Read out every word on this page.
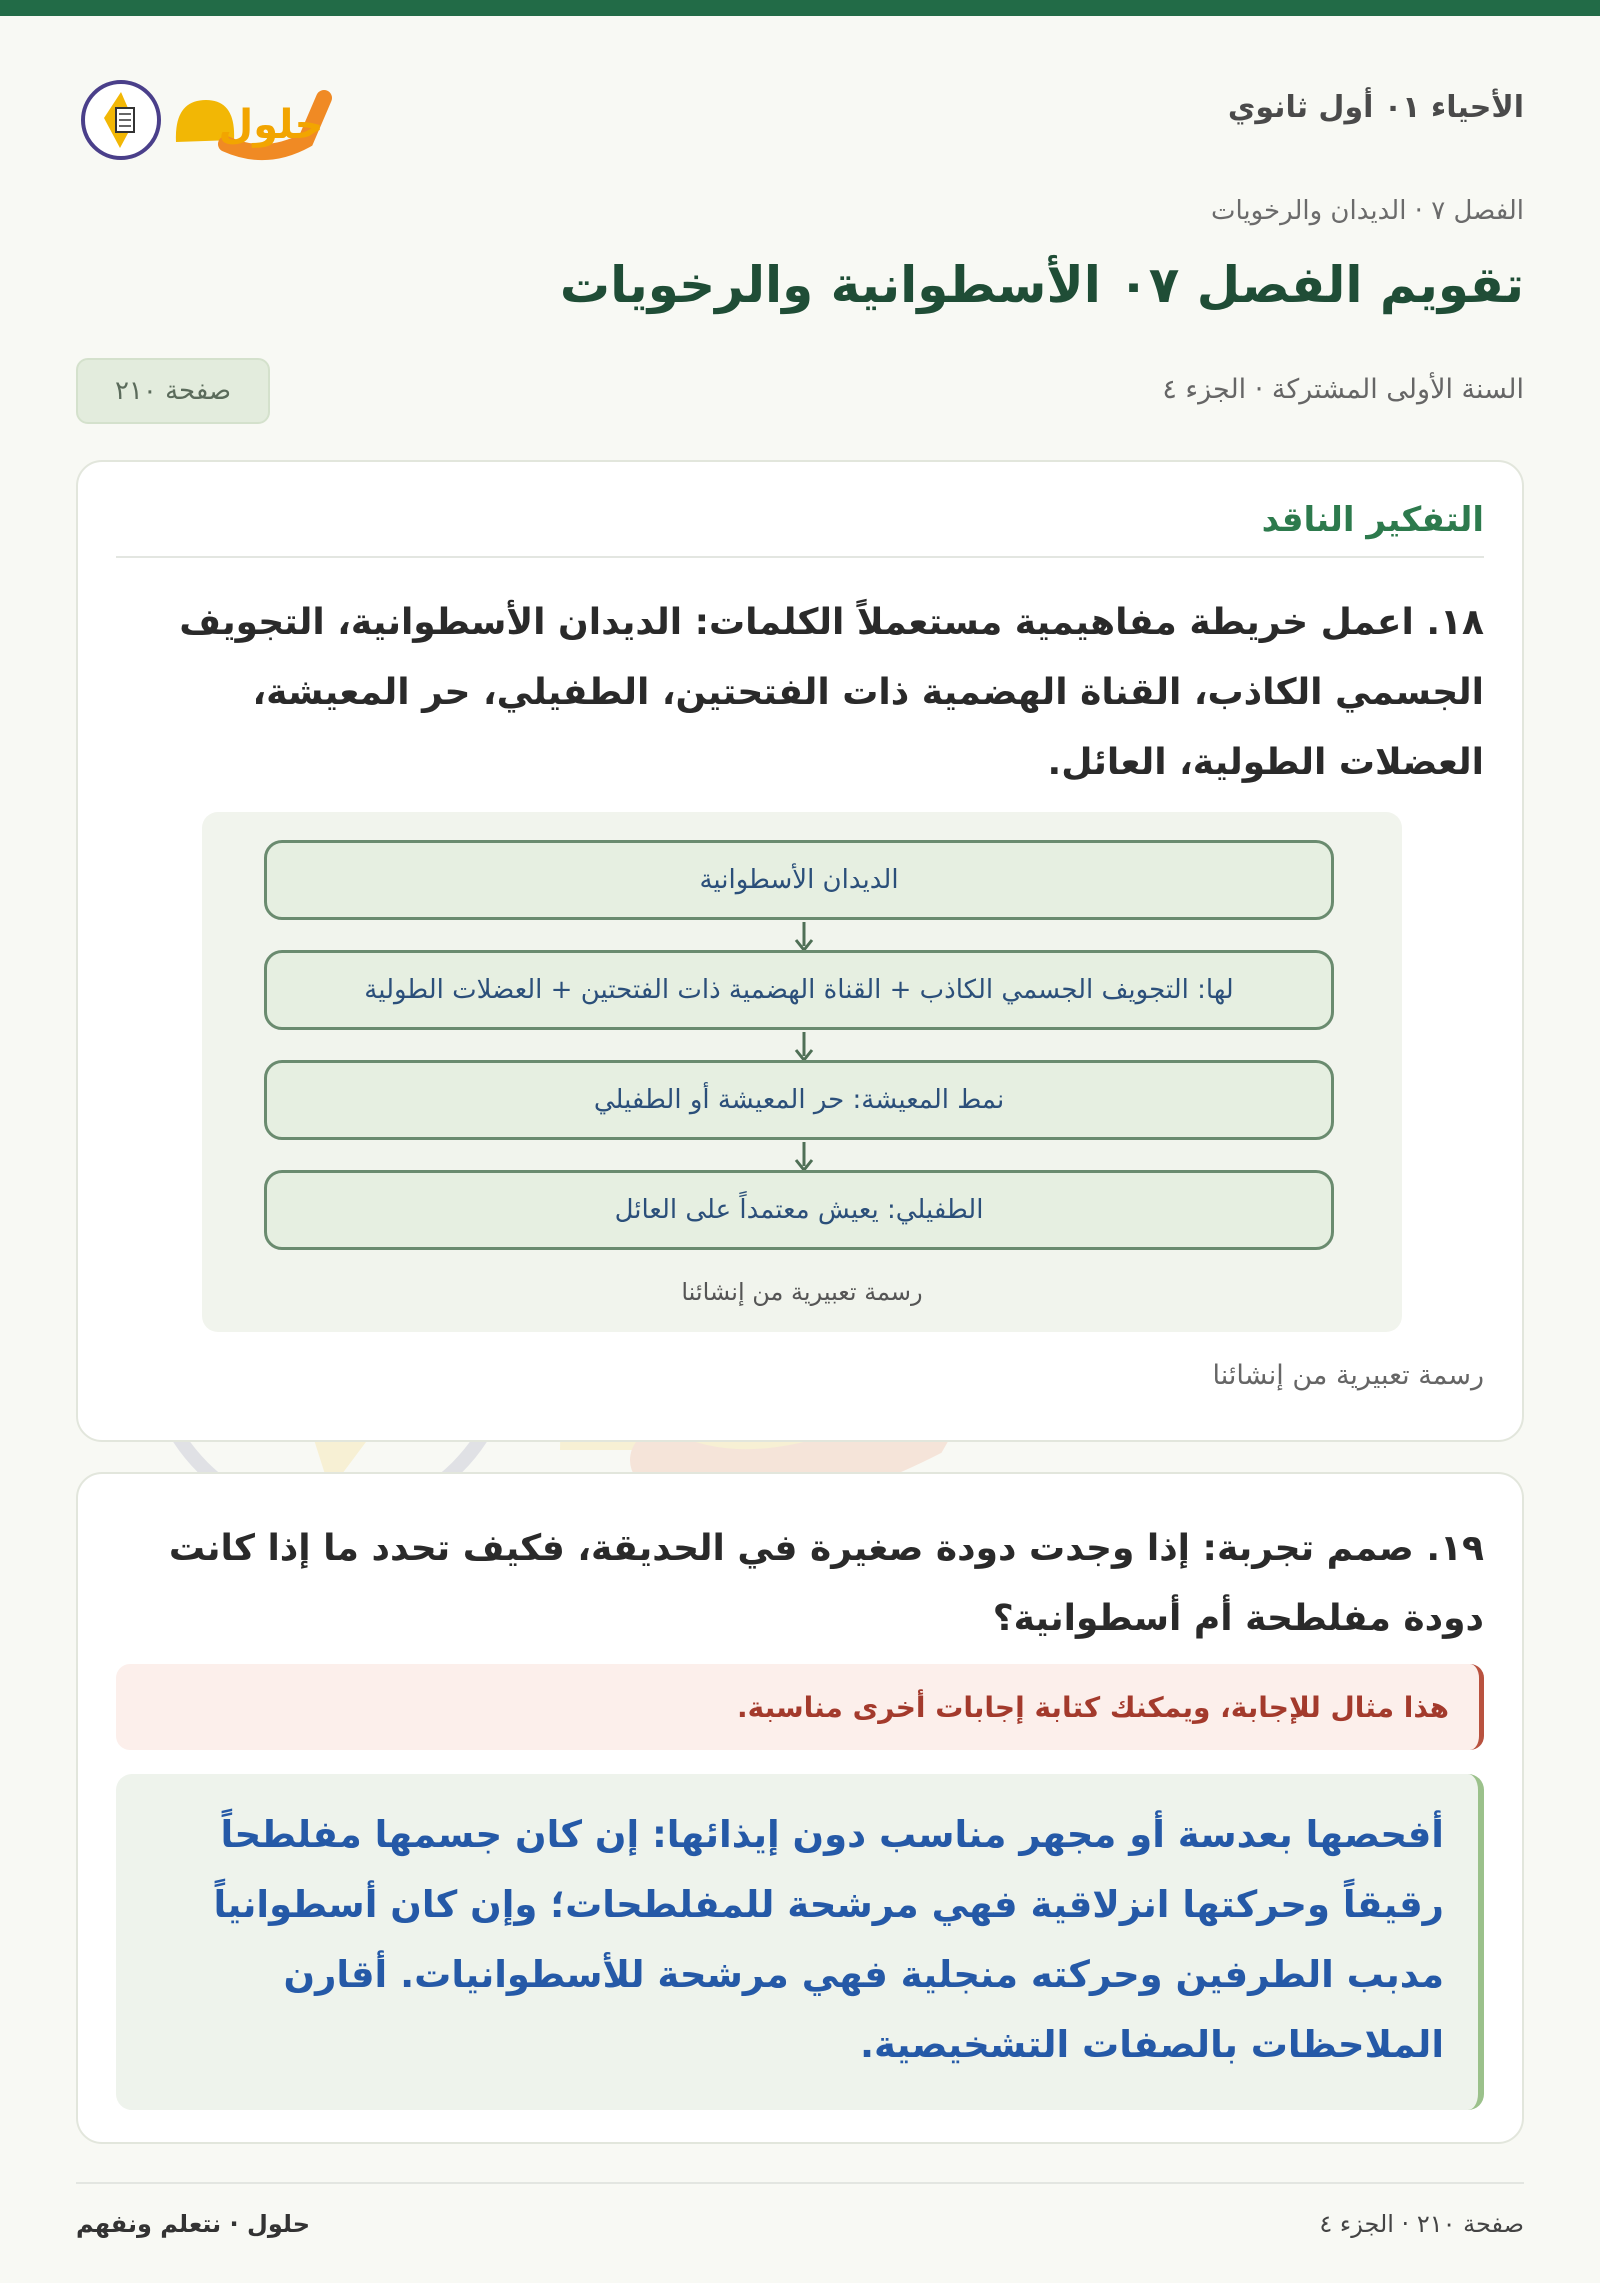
حلول	الأحياء ٠١ أول ثانوي
الفصل ٧ · الديدان والرخويات
تقويم الفصل ٠٧ الأسطوانية والرخويات
السنة الأولى المشتركة · الجزء ٤
صفحة ٢١٠
التفكير الناقد
١٨. اعمل خريطة مفاهيمية مستعملاً الكلمات: الديدان الأسطوانية، التجويف الجسمي الكاذب، القناة الهضمية ذات الفتحتين، الطفيلي، حر المعيشة، العضلات الطولية، العائل.
الديدان الأسطوانية
لها: التجويف الجسمي الكاذب + القناة الهضمية ذات الفتحتين + العضلات الطولية
نمط المعيشة: حر المعيشة أو الطفيلي
الطفيلي: يعيش معتمداً على العائل
رسمة تعبيرية من إنشائنا
رسمة تعبيرية من إنشائنا
١٩. صمم تجربة: إذا وجدت دودة صغيرة في الحديقة، فكيف تحدد ما إذا كانت دودة مفلطحة أم أسطوانية؟
هذا مثال للإجابة، ويمكنك كتابة إجابات أخرى مناسبة.
أفحصها بعدسة أو مجهر مناسب دون إيذائها: إن كان جسمها مفلطحاً رقيقاً وحركتها انزلاقية فهي مرشحة للمفلطحات؛ وإن كان أسطوانياً مدبب الطرفين وحركته منجلية فهي مرشحة للأسطوانيات. أقارن الملاحظات بالصفات التشخيصية.
حلول · نتعلم ونفهم	صفحة ٢١٠ · الجزء ٤
